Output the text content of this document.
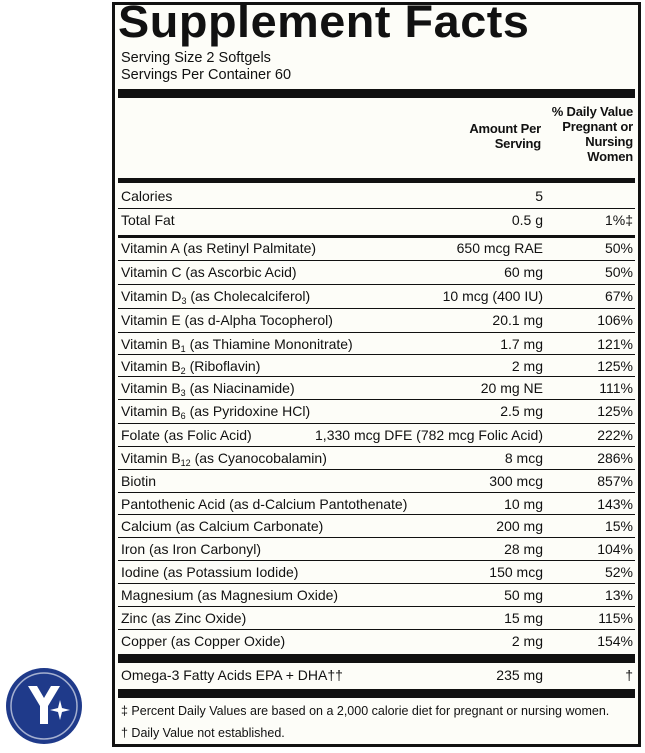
Supplement Facts
Serving Size 2 Softgels
Servings Per Container 60
Amount Per
Serving
% Daily Value
Pregnant or
Nursing
Women
Calories	5
Total Fat	0.5 g	1%‡
Vitamin A (as Retinyl Palmitate)	650 mcg RAE	50%
Vitamin C (as Ascorbic Acid)	60 mg	50%
Vitamin $D_3$ (as Cholecalciferol)	10 mcg (400 IU)	67%
Vitamin E (as d-Alpha Tocopherol)	20.1 mg	106%
Vitamin $B_1$ (as Thiamine Mononitrate)	1.7 mg	121%
Vitamin $B_2$ (Riboflavin)	2 mg	125%
Vitamin $B_3$ (as Niacinamide)	20 mg NE	111%
Vitamin $B_6$ (as Pyridoxine HCl)	2.5 mg	125%
Folate (as Folic Acid)	1,330 mcg DFE (782 mcg Folic Acid)	222%
Vitamin $B_{12}$ (as Cyanocobalamin)	8 mcg	286%
Biotin	300 mcg	857%
Pantothenic Acid (as d-Calcium Pantothenate)	10 mg	143%
Calcium (as Calcium Carbonate)	200 mg	15%
Iron (as Iron Carbonyl)	28 mg	104%
Iodine (as Potassium Iodide)	150 mcg	52%
Magnesium (as Magnesium Oxide)	50 mg	13%
Zinc (as Zinc Oxide)	15 mg	115%
Copper (as Copper Oxide)	2 mg	154%
Omega-3 Fatty Acids EPA + DHA††	235 mg	†
‡ Percent Daily Values are based on a 2,000 calorie diet for pregnant or nursing women.
† Daily Value not established.
